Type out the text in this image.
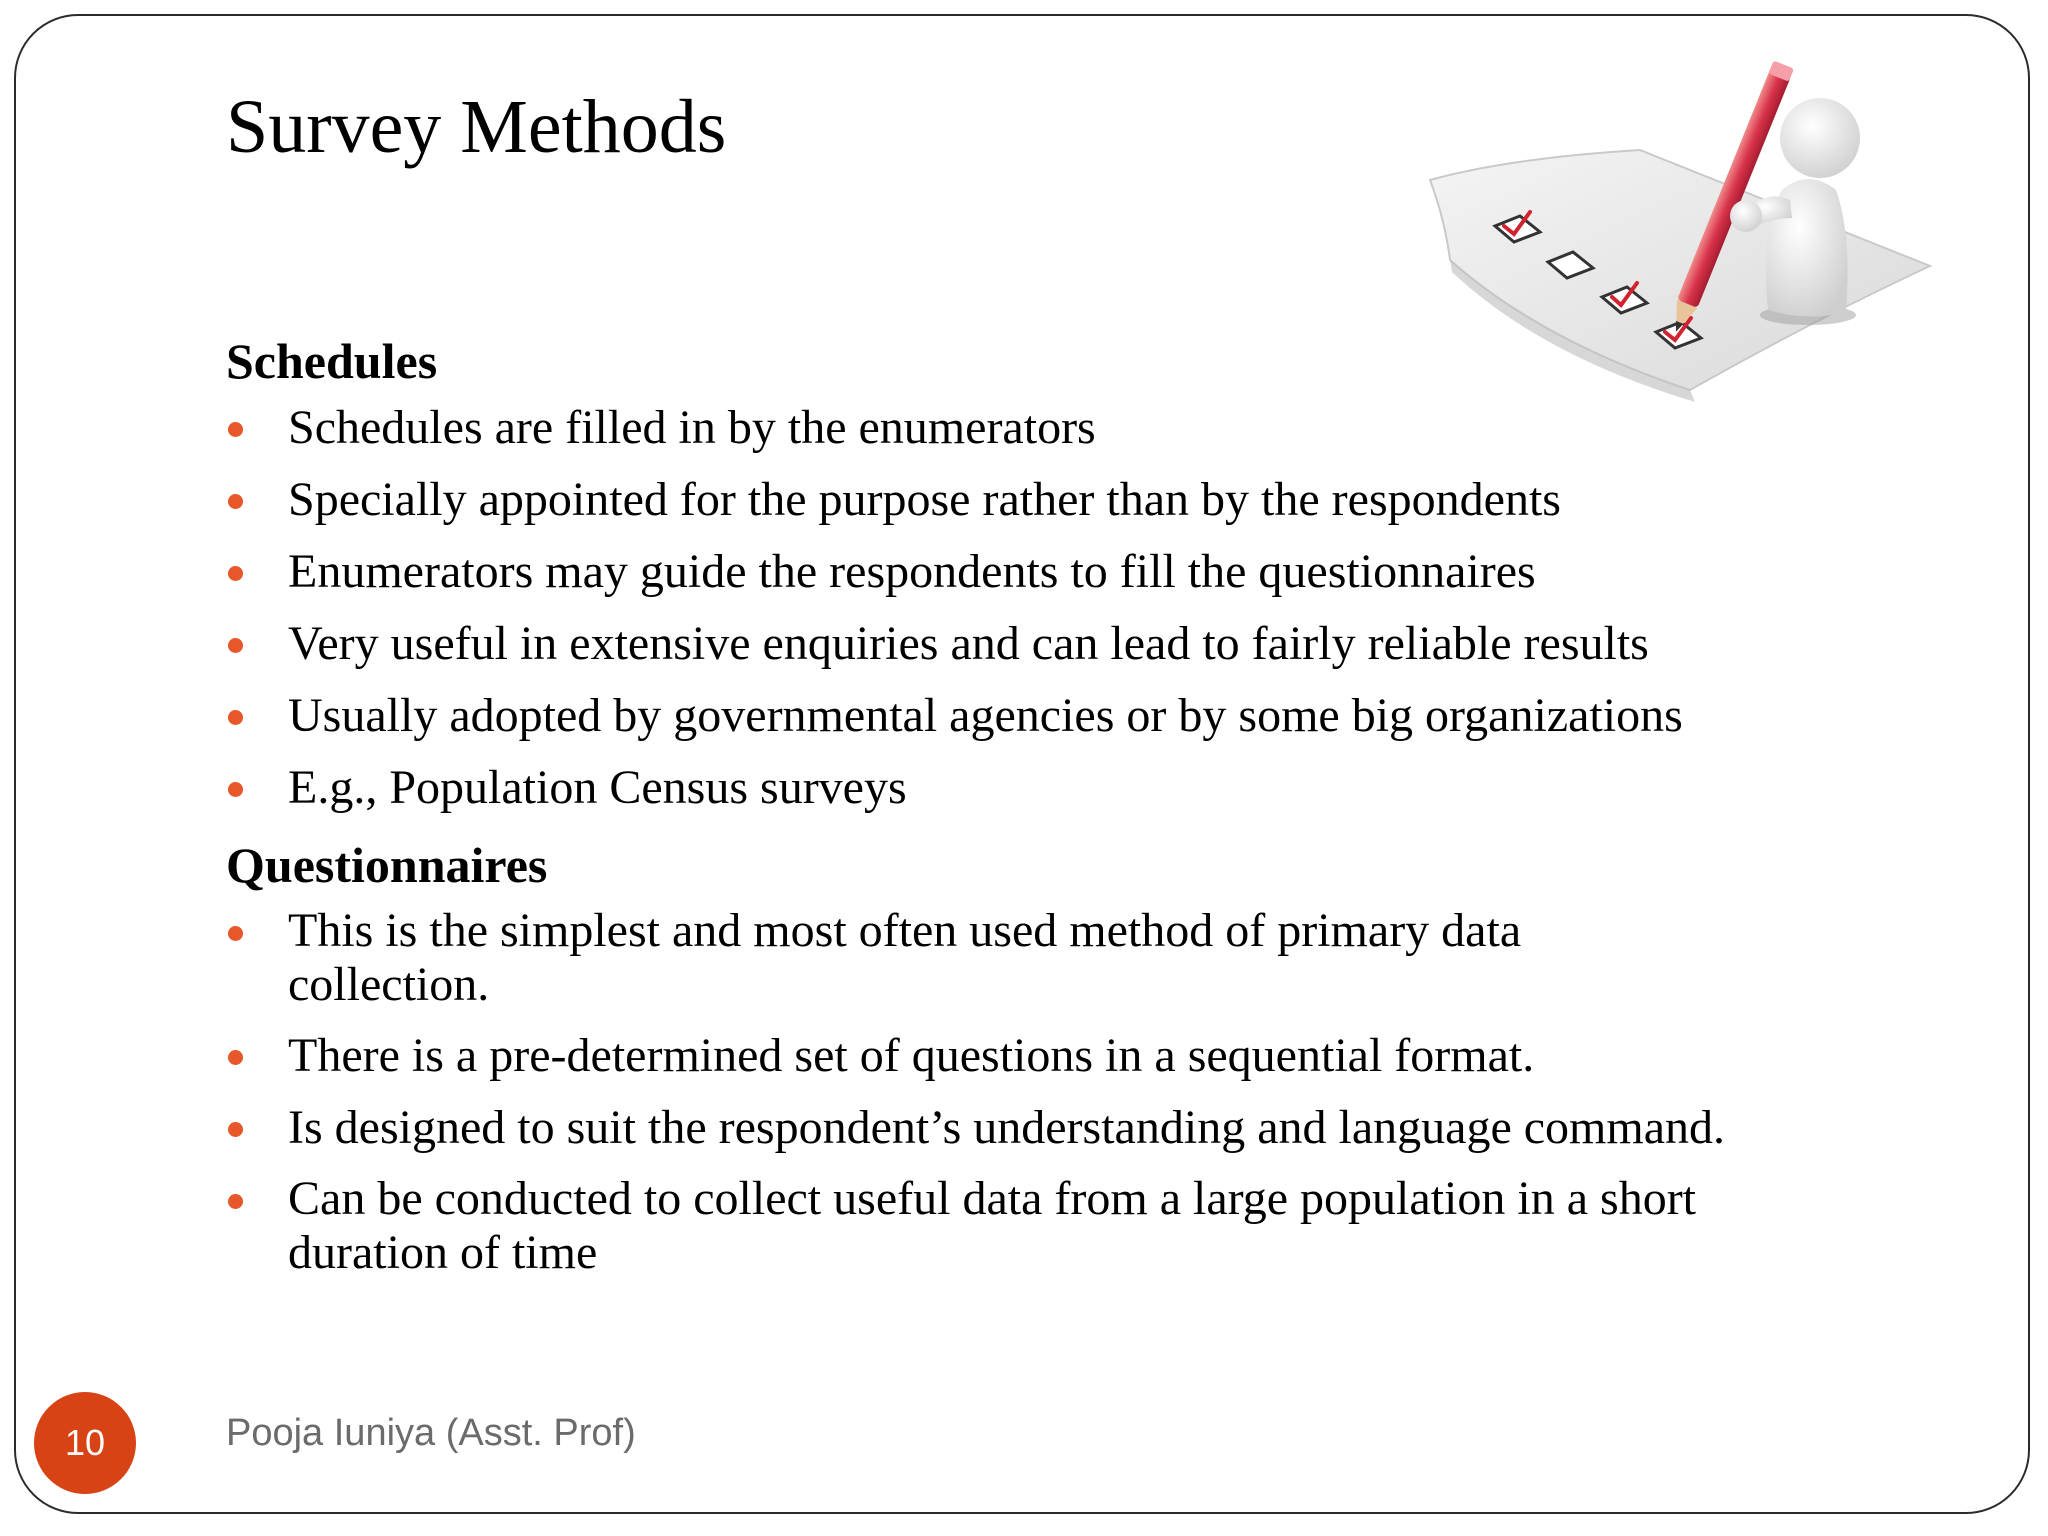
Survey Methods
Schedules
Schedules are filled in by the enumerators
Specially appointed for the purpose rather than by the respondents
Enumerators may guide the respondents to fill the questionnaires
Very useful in extensive enquiries and can lead to fairly reliable results
Usually adopted by governmental agencies or by some big organizations
E.g., Population Census surveys
Questionnaires
This is the simplest and most often used method of primary data collection.
There is a pre-determined set of questions in a sequential format.
Is designed to suit the respondent’s understanding and language command.
Can be conducted to collect useful data from a large population in a short duration of time
10	Pooja Iuniya (Asst. Prof)
